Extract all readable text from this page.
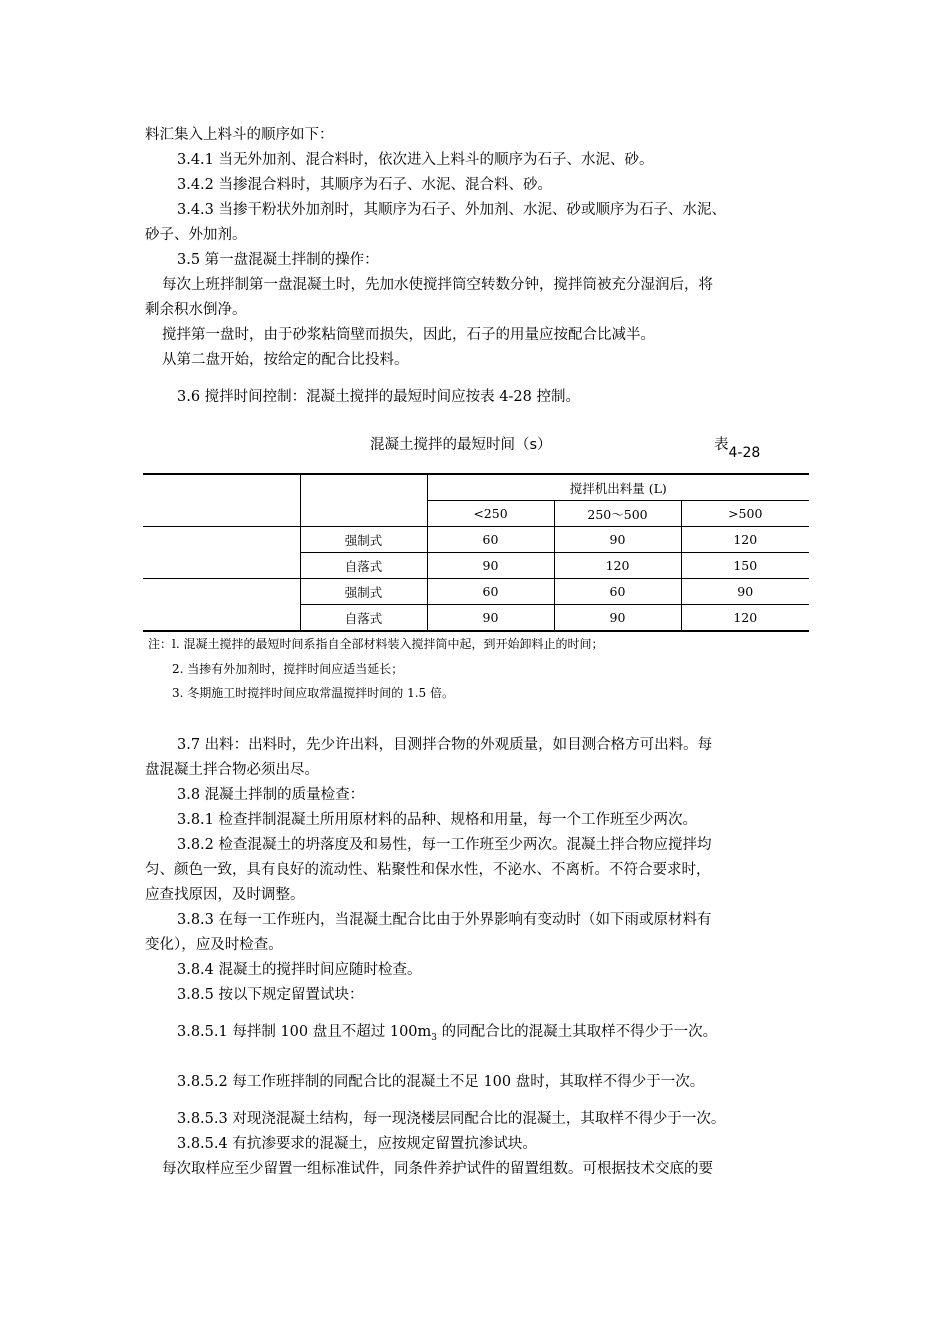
料汇集入上料斗的顺序如下：
3.4.1 当无外加剂、混合料时，依次进入上料斗的顺序为石子、水泥、砂。
3.4.2 当掺混合料时，其顺序为石子、水泥、混合料、砂。
3.4.3 当掺干粉状外加剂时，其顺序为石子、外加剂、水泥、砂或顺序为石子、水泥、
砂子、外加剂。
3.5 第一盘混凝土拌制的操作：
每次上班拌制第一盘混凝土时，先加水使搅拌筒空转数分钟，搅拌筒被充分湿润后，将
剩余积水倒净。
搅拌第一盘时，由于砂浆粘筒壁而损失，因此，石子的用量应按配合比减半。
从第二盘开始，按给定的配合比投料。
3.6 搅拌时间控制：混凝土搅拌的最短时间应按表 4-28 控制。
混凝土搅拌的最短时间（s）	表4-28
		搅拌机出料量 (L)		
		<250	250～500	>500
	强制式	60	90	120
	自落式	90	120	150
	强制式	60	60	90
	自落式	90	90	120
注：l. 混凝土搅拌的最短时间系指自全部材料装入搅拌筒中起，到开始卸料止的时间；
2. 当掺有外加剂时，搅拌时间应适当延长；
3. 冬期施工时搅拌时间应取常温搅拌时间的 1.5 倍。
3.7 出料：出料时，先少许出料，目测拌合物的外观质量，如目测合格方可出料。每
盘混凝土拌合物必须出尽。
3.8 混凝土拌制的质量检查：
3.8.1 检查拌制混凝土所用原材料的品种、规格和用量，每一个工作班至少两次。
3.8.2 检查混凝土的坍落度及和易性，每一工作班至少两次。混凝土拌合物应搅拌均
匀、颜色一致，具有良好的流动性、粘聚性和保水性，不泌水、不离析。不符合要求时，
应查找原因，及时调整。
3.8.3 在每一工作班内，当混凝土配合比由于外界影响有变动时（如下雨或原材料有
变化），应及时检查。
3.8.4 混凝土的搅拌时间应随时检查。
3.8.5 按以下规定留置试块：
3.8.5.1 每拌制 100 盘且不超过 $100m_3$ 的同配合比的混凝土其取样不得少于一次。
3.8.5.2 每工作班拌制的同配合比的混凝土不足 100 盘时，其取样不得少于一次。
3.8.5.3 对现浇混凝土结构，每一现浇楼层同配合比的混凝土，其取样不得少于一次。
3.8.5.4 有抗渗要求的混凝土，应按规定留置抗渗试块。
每次取样应至少留置一组标准试件，同条件养护试件的留置组数。可根据技术交底的要
